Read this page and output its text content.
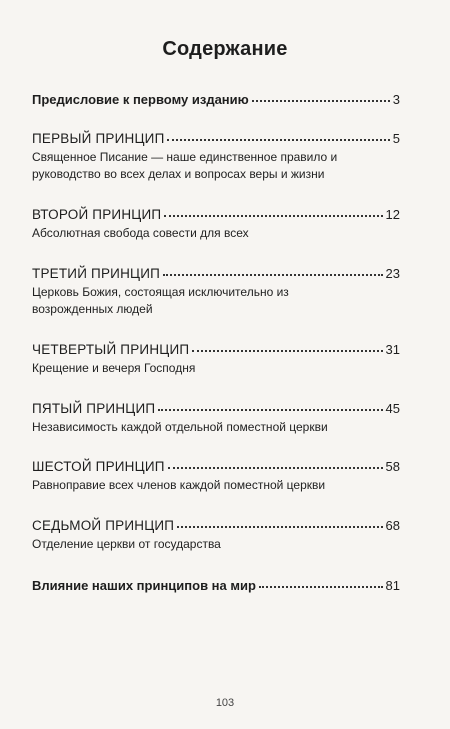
Содержание
Предисловие к первому изданию	3
ПЕРВЫЙ ПРИНЦИП	5
Священное Писание — наше единственное правило и руководство во всех делах и вопросах веры и жизни
ВТОРОЙ ПРИНЦИП	12
Абсолютная свобода совести для всех
ТРЕТИЙ ПРИНЦИП	23
Церковь Божия, состоящая исключительно из возрожденных людей
ЧЕТВЕРТЫЙ ПРИНЦИП	31
Крещение и вечеря Господня
ПЯТЫЙ ПРИНЦИП	45
Независимость каждой отдельной поместной церкви
ШЕСТОЙ ПРИНЦИП	58
Равноправие всех членов каждой поместной церкви
СЕДЬМОЙ ПРИНЦИП	68
Отделение церкви от государства
Влияние наших принципов на мир	81
103
